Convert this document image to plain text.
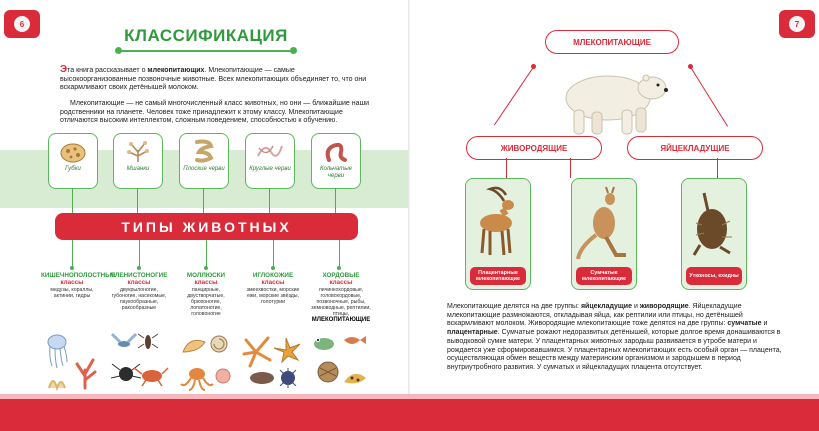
6	7
КЛАССИФИКАЦИЯ
Эта книга рассказывает о млекопитающих. Млекопитающие — самые высокоорганизованные позвоночные животные. Всех млекопитающих объединяет то, что они вскармливают своих детёнышей молоком.
Млекопитающие — не самый многочисленный класс животных, но они — ближайшие наши родственники на планете. Человек тоже принадлежит к этому классу. Млекопитающие отличаются высоким интеллектом, сложным поведением, способностью к обучению.
Губки	Мшанки	Плоские черви	Круглые черви	Кольчатые черви
ТИПЫ ЖИВОТНЫХ
КИШЕЧНОПОЛОСТНЫЕ
классы
медузы, кораллы, актинии, гидры
ЧЛЕНИСТОНОГИЕ
классы
двукрылоногие, губоногие, насекомые, паукообразные, ракообразные
МОЛЛЮСКИ
классы
панцирные, двустворчатые, брюхоногие, лопатоногие, головоногие
ИГЛОКОЖИЕ
классы
змеехвостки, морские ежи, морские звёзды, голотурии
ХОРДОВЫЕ
классы
личинкохордовые, головохордовые, позвоночные, рыбы, земноводные, рептилии, птицы, МЛЕКОПИТАЮЩИЕ
МЛЕКОПИТАЮЩИЕ
ЖИВОРОДЯЩИЕ	ЯЙЦЕКЛАДУЩИЕ
Плацентарные млекопитающие
Сумчатые млекопитающие	Утконосы, ехидны
Млекопитающие делятся на две группы: яйцекладущие и живородящие. Яйцекладущие млекопитающие размножаются, откладывая яйца, как рептилии или птицы, но детёнышей вскармливают молоком. Живородящие млекопитающие тоже делятся на две группы: сумчатые и плацентарные. Сумчатые рожают недоразвитых детёнышей, которые долгое время донашиваются в выводковой сумке матери. У плацентарных животных зародыш развивается в утробе матери и рождается уже сформировавшимся. У плацентарных млекопитающих есть особый орган — плацента, осуществляющая обмен веществ между материнским организмом и зародышем в период внутриутробного развития. У сумчатых и яйцекладущих плацента отсутствует.
